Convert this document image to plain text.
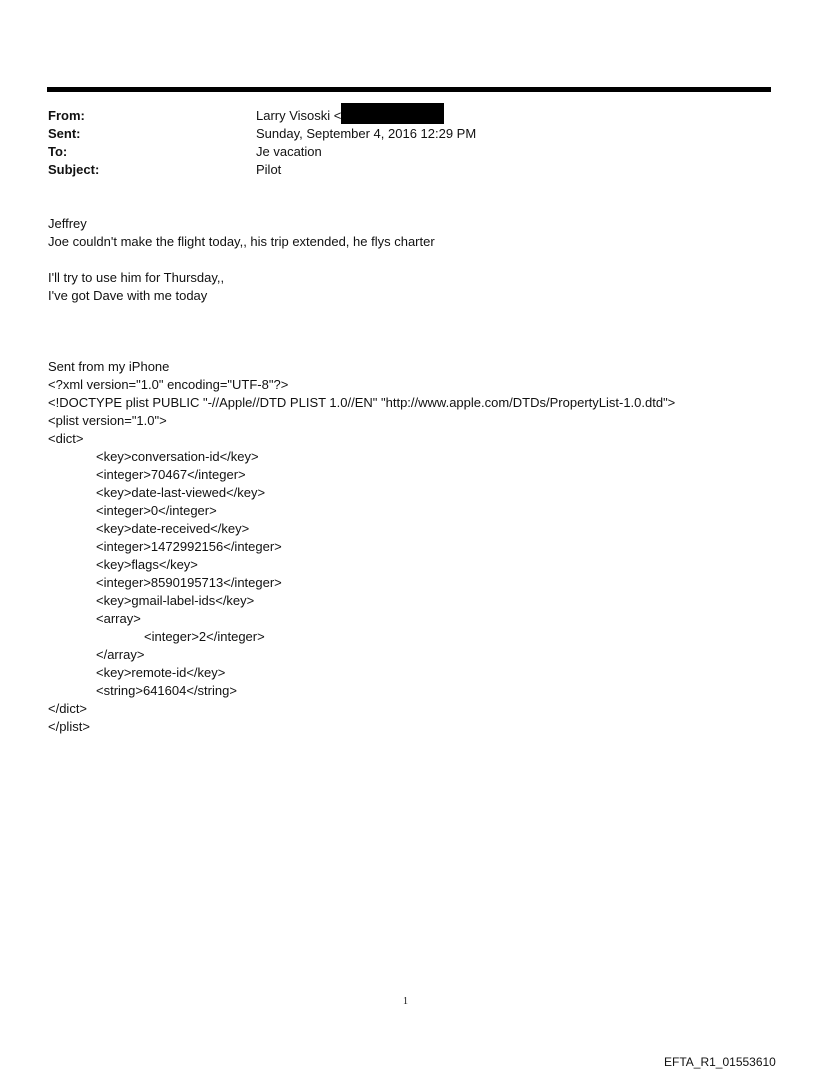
From:	Larry Visoski <
Sent:	Sunday, September 4, 2016 12:29 PM
To:	Je vacation
Subject:	Pilot
Jeffrey
Joe couldn't make the flight today,, his trip extended, he flys charter
I'll try to use him for Thursday,,
I've got Dave with me today
Sent from my iPhone
<?xml version="1.0" encoding="UTF-8"?>
<!DOCTYPE plist PUBLIC "-//Apple//DTD PLIST 1.0//EN" "http://www.apple.com/DTDs/PropertyList-1.0.dtd">
<plist version="1.0">
<dict>
<key>conversation-id</key>
<integer>70467</integer>
<key>date-last-viewed</key>
<integer>0</integer>
<key>date-received</key>
<integer>1472992156</integer>
<key>flags</key>
<integer>8590195713</integer>
<key>gmail-label-ids</key>
<array>
<integer>2</integer>
</array>
<key>remote-id</key>
<string>641604</string>
</dict>
</plist>
1
EFTA_R1_01553610
